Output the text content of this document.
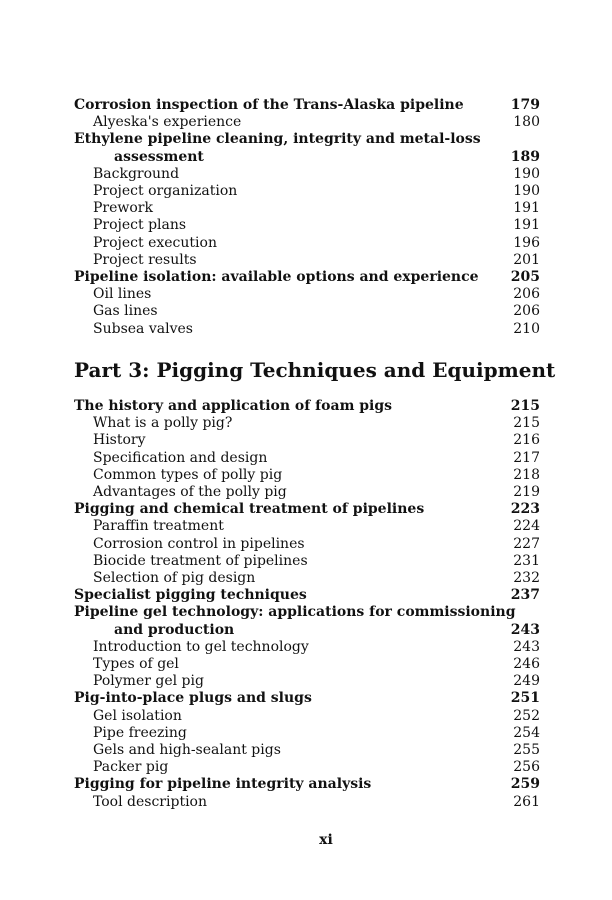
Corrosion inspection of the Trans-Alaska pipeline	179
Alyeska's experience	180
Ethylene pipeline cleaning, integrity and metal-loss
assessment	189
Background	190
Project organization	190
Prework	191
Project plans	191
Project execution	196
Project results	201
Pipeline isolation: available options and experience	205
Oil lines	206
Gas lines	206
Subsea valves	210
Part 3: Pigging Techniques and Equipment
The history and application of foam pigs	215
What is a polly pig?	215
History	216
Specification and design	217
Common types of polly pig	218
Advantages of the polly pig	219
Pigging and chemical treatment of pipelines	223
Paraffin treatment	224
Corrosion control in pipelines	227
Biocide treatment of pipelines	231
Selection of pig design	232
Specialist pigging techniques	237
Pipeline gel technology: applications for commissioning
and production	243
Introduction to gel technology	243
Types of gel	246
Polymer gel pig	249
Pig-into-place plugs and slugs	251
Gel isolation	252
Pipe freezing	254
Gels and high-sealant pigs	255
Packer pig	256
Pigging for pipeline integrity analysis	259
Tool description	261
xi
